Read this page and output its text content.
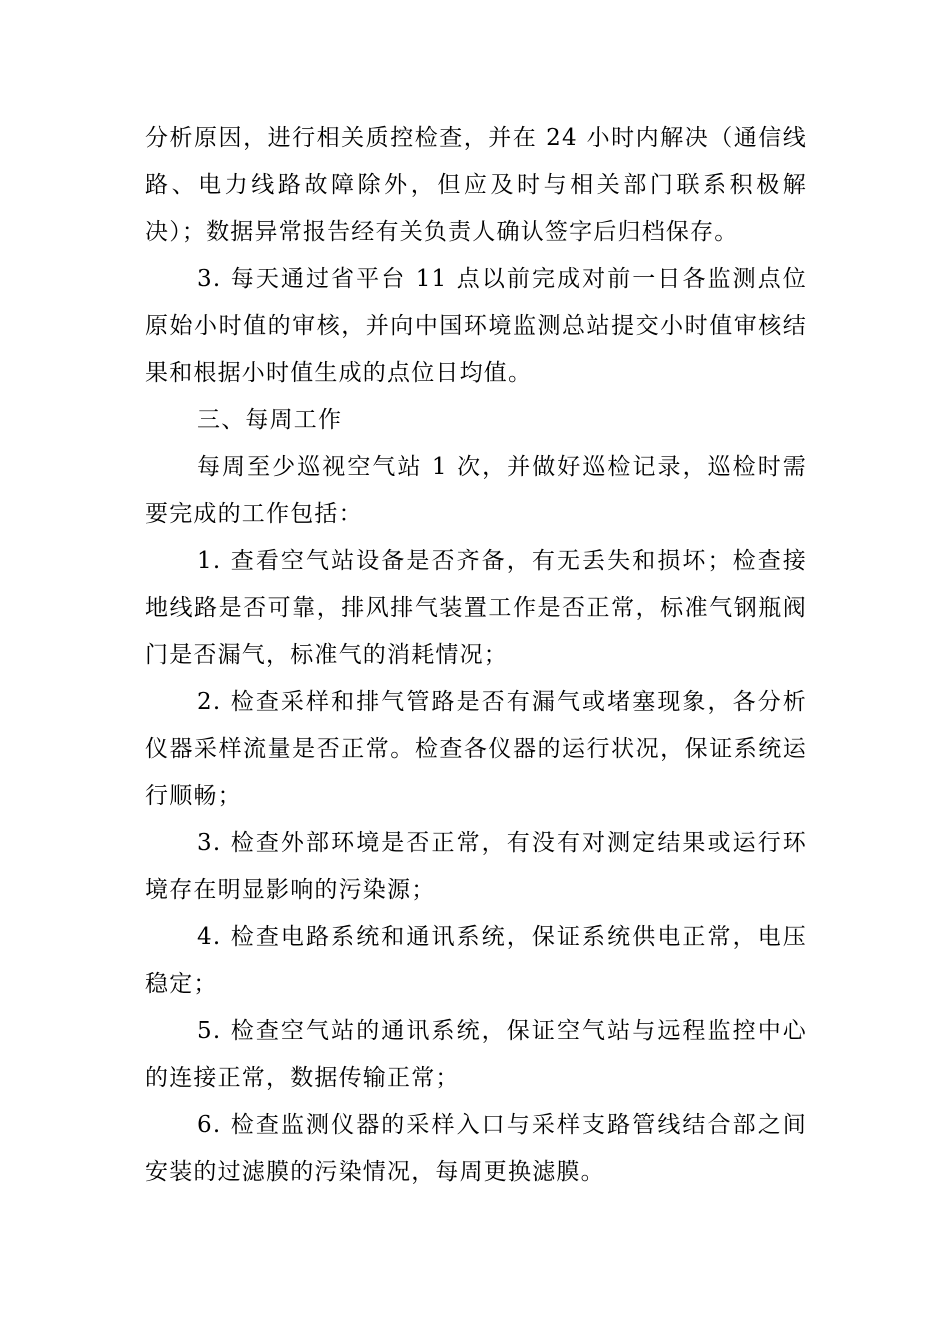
分析原因，进行相关质控检查，并在 24 小时内解决（通信线路、电力线路故障除外，但应及时与相关部门联系积极解决）；数据异常报告经有关负责人确认签字后归档保存。

3. 每天通过省平台 11 点以前完成对前一日各监测点位原始小时值的审核，并向中国环境监测总站提交小时值审核结果和根据小时值生成的点位日均值。

三、每周工作

每周至少巡视空气站 1 次，并做好巡检记录，巡检时需要完成的工作包括：

1. 查看空气站设备是否齐备，有无丢失和损坏；检查接地线路是否可靠，排风排气装置工作是否正常，标准气钢瓶阀门是否漏气，标准气的消耗情况；

2. 检查采样和排气管路是否有漏气或堵塞现象，各分析仪器采样流量是否正常。检查各仪器的运行状况，保证系统运行顺畅；

3. 检查外部环境是否正常，有没有对测定结果或运行环境存在明显影响的污染源；

4. 检查电路系统和通讯系统，保证系统供电正常，电压稳定；

5. 检查空气站的通讯系统，保证空气站与远程监控中心的连接正常，数据传输正常；

6. 检查监测仪器的采样入口与采样支路管线结合部之间安装的过滤膜的污染情况，每周更换滤膜。
